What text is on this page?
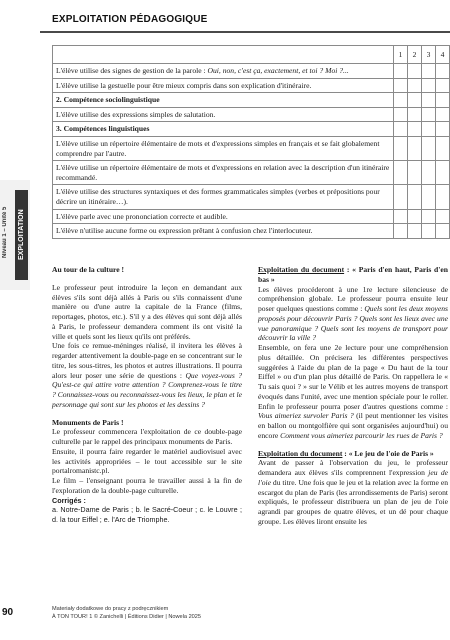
EXPLOITATION PÉDAGOGIQUE
Niveau 1 – Unité 5	EXPLOITATION PÉDAGOGIQUE
	1	2	3	4
L'élève utilise des signes de gestion de la parole : Oui, non, c'est ça, exactement, et toi ? Moi ?...				
L'élève utilise la gestuelle pour être mieux compris dans son explication d'itinéraire.				
2. Compétence sociolinguistique				
L'élève utilise des expressions simples de salutation.				
3. Compétences linguistiques				
L'élève utilise un répertoire élémentaire de mots et d'expressions simples en français et se fait globalement comprendre par l'autre.				
L'élève utilise un répertoire élémentaire de mots et d'expressions en relation avec la description d'un itinéraire recommandé.				
L'élève utilise des structures syntaxiques et des formes grammaticales simples (verbes et prépositions pour décrire un itinéraire…).				
L'élève parle avec une prononciation correcte et audible.				
L'élève n'utilise aucune forme ou expression prêtant à confusion chez l'interlocuteur.				

Au tour de la culture !

Le professeur peut introduire la leçon en demandant aux élèves s'ils sont déjà allés à Paris ou s'ils connaissent d'une manière ou d'une autre la capitale de la France (films, reportages, photos, etc.). S'il y a des élèves qui sont déjà allés à Paris, le professeur demandera comment ils ont visité la ville et quels sont les lieux qu'ils ont préférés.

Une fois ce remue-méninges réalisé, il invitera les élèves à regarder attentivement la double-page en se concentrant sur le titre, les sous-titres, les photos et autres illustrations. Il pourra alors leur poser une série de questions : Que voyez-vous ? Qu'est-ce qui attire votre attention ? Comprenez-vous le titre ? Connaissez-vous ou reconnaissez-vous les lieux, le plan et le personnage qui sont sur les photos et les dessins ?

Monuments de Paris !

Le professeur commencera l'exploitation de ce double-page culturelle par le rappel des principaux monuments de Paris.

Ensuite, il pourra faire regarder le matériel audiovisuel avec les activités appropriées – le tout accessible sur le site portalromanistc.pl.

Le film – l'enseignant pourra le travailler aussi à la fin de l'exploration de la double-page culturelle.

Corrigés :

a. Notre-Dame de Paris ; b. le Sacré-Coeur ; c. le Louvre ; d. la tour Eiffel ; e. l'Arc de Triomphe.

Exploitation du document : « Paris d'en haut, Paris d'en bas »

Les élèves procéderont à une 1re lecture silencieuse de compréhension globale. Le professeur pourra ensuite leur poser quelques questions comme : Quels sont les deux moyens proposés pour découvrir Paris ? Quels sont les lieux avec une vue panoramique ? Quels sont les moyens de transport pour découvrir la ville ?

Ensemble, on fera une 2e lecture pour une compréhension plus détaillée. On précisera les différentes perspectives suggérées à l'aide du plan de la page « Du haut de la tour Eiffel » ou d'un plan plus détaillé de Paris. On rappellera le « Tu sais quoi ? » sur le Vélib et les autres moyens de transport évoqués dans l'unité, avec une mention spéciale pour le roller. Enfin le professeur pourra poser d'autres questions comme : Vous aimeriez survoler Paris ? (il peut mentionner les visites en ballon ou montgolfière qui sont organisées aujourd'hui) ou encore Comment vous aimeriez parcourir les rues de Paris ?

Exploitation du document : « Le jeu de l'oie de Paris »

Avant de passer à l'observation du jeu, le professeur demandera aux élèves s'ils comprennent l'expression jeu de l'oie du titre. Une fois que le jeu et la relation avec la forme en escargot du plan de Paris (les arrondissements de Paris) seront expliqués, le professeur distribuera un plan de jeu de l'oie agrandi par groupes de quatre élèves, et un dé pour chaque groupe. Les élèves liront ensuite les

90	Materiały dodatkowe do pracy z podręcznikiem
À TON TOUR! 1 © Zanichelli | Éditions Didier | Nowela 2025
